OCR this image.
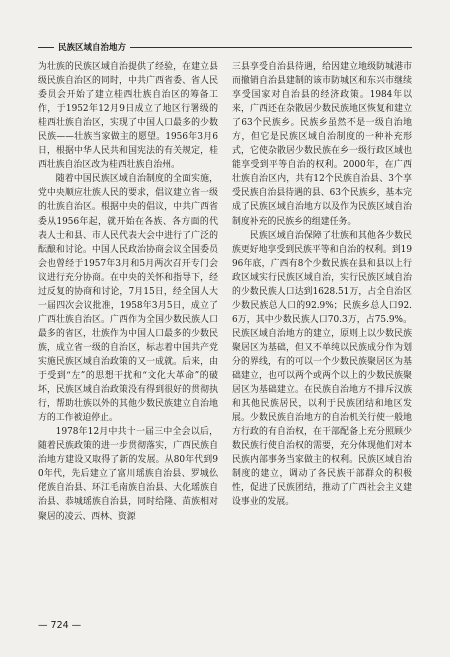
民族区域自治地方

为壮族的民族区域自治提供了经验，在建立县级民族自治区的同时，中共广西省委、省人民委员会开始了建立桂西壮族自治区的筹备工作，于1952年12月9日成立了地区行署级的桂西壮族自治区，实现了中国人口最多的少数民族——壮族当家做主的愿望。1956年3月6日，根据中华人民共和国宪法的有关规定，桂西壮族自治区改为桂西壮族自治州。

随着中国民族区域自治制度的全面实施，党中央顺应壮族人民的要求，倡议建立省一级的壮族自治区。根据中央的倡议，中共广西省委从1956年起，就开始在各族、各方面的代表人士和县、市人民代表大会中进行了广泛的酝酿和讨论。中国人民政治协商会议全国委员会也曾经于1957年3月和5月两次召开专门会议进行充分协商。在中央的关怀和指导下，经过反复的协商和讨论，7月15日，经全国人大一届四次会议批准，1958年3月5日，成立了广西壮族自治区。广西作为全国少数民族人口最多的省区，壮族作为中国人口最多的少数民族，成立省一级的自治区，标志着中国共产党实施民族区域自治政策的又一成就。后来，由于受到“左”的思想干扰和“文化大革命”的破坏，民族区域自治政策没有得到很好的贯彻执行，帮助壮族以外的其他少数民族建立自治地方的工作被迫停止。

1978年12月中共十一届三中全会以后，随着民族政策的进一步贯彻落实，广西民族自治地方建设又取得了新的发展。从80年代到90年代，先后建立了富川瑶族自治县、罗城仫佬族自治县、环江毛南族自治县、大化瑶族自治县、恭城瑶族自治县，同时给隆、苗族相对聚居的凌云、西林、资源

三县享受自治县待遇，给因建立地级防城港市而撤销自治县建制的该市防城区和东兴市继续享受国家对自治县的经济政策。1984年以来，广西还在杂散居少数民族地区恢复和建立了63个民族乡。民族乡虽然不是一级自治地方，但它是民族区域自治制度的一种补充形式，它使杂散居少数民族在乡一级行政区域也能享受到平等自治的权利。2000年，在广西壮族自治区内，共有12个民族自治县、3个享受民族自治县待遇的县、63个民族乡，基本完成了民族区域自治地方以及作为民族区域自治制度补充的民族乡的组建任务。

民族区域自治保障了壮族和其他各少数民族更好地享受到民族平等和自治的权利。到1996年底，广西有8个少数民族在县和县以上行政区域实行民族区域自治，实行民族区域自治的少数民族人口达到1628.51万，占全自治区少数民族总人口的92.9%；民族乡总人口92.6万，其中少数民族人口70.3万，占75.9%。民族区域自治地方的建立，原则上以少数民族聚居区为基础，但又不单纯以民族成分作为划分的界线，有的可以一个少数民族聚居区为基础建立，也可以两个或两个以上的少数民族聚居区为基础建立。在民族自治地方不排斥汉族和其他民族居民，以利于民族团结和地区发展。少数民族自治地方的自治机关行使一般地方行政的有自治权，在干部配备上充分照顾少数民族行使自治权的需要，充分体现他们对本民族内部事务当家做主的权利。民族区域自治制度的建立，调动了各民族干部群众的积极性，促进了民族团结，推动了广西社会主义建设事业的发展。

— 724 —
